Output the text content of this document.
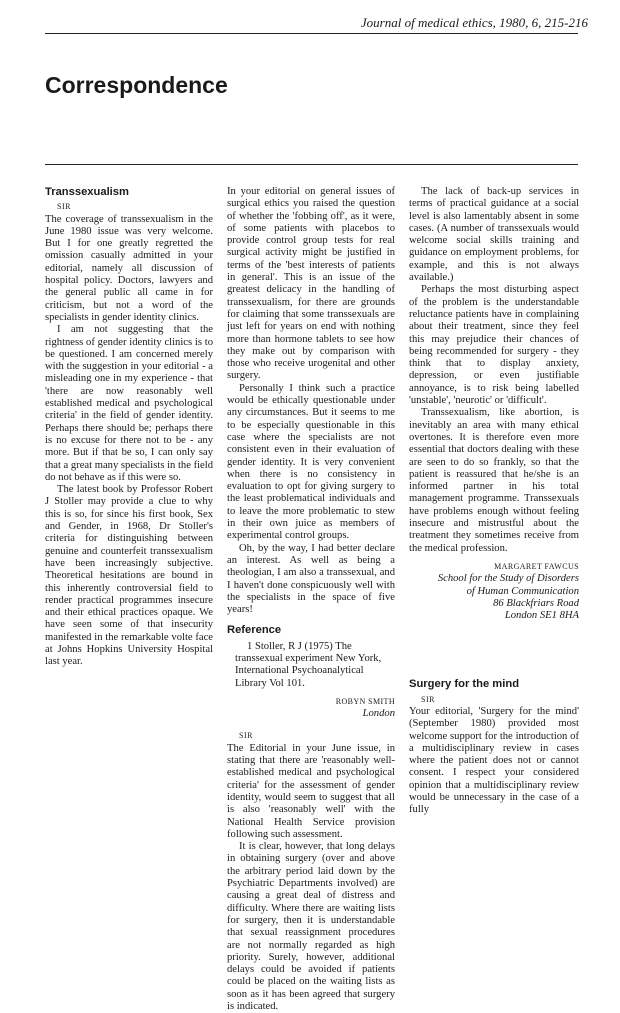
Journal of medical ethics, 1980, 6, 215-216
Correspondence
Transsexualism

SIR

The coverage of transsexualism in the June 1980 issue was very welcome. But I for one greatly regretted the omission casually admitted in your editorial, namely all discussion of hospital policy. Doctors, lawyers and the general public all came in for criticism, but not a word of the specialists in gender identity clinics.

I am not suggesting that the rightness of gender identity clinics is to be questioned. I am concerned merely with the suggestion in your editorial - a misleading one in my experience - that 'there are now reasonably well established medical and psychological criteria' in the field of gender identity. Perhaps there should be; perhaps there is no excuse for there not to be - any more. But if that be so, I can only say that a great many specialists in the field do not behave as if this were so.

The latest book by Professor Robert J Stoller may provide a clue to why this is so, for since his first book, Sex and Gender, in 1968, Dr Stoller's criteria for distinguishing between genuine and counterfeit transsexualism have been increasingly subjective. Theoretical hesitations are bound in this inherently controversial field to render practical programmes insecure and their ethical practices opaque. We have seen some of that insecurity manifested in the remarkable volte face at Johns Hopkins University Hospital last year.

In your editorial on general issues of surgical ethics you raised the question of whether the 'fobbing off', as it were, of some patients with placebos to provide control group tests for real surgical activity might be justified in terms of the 'best interests of patients in general'. This is an issue of the greatest delicacy in the handling of transsexualism, for there are grounds for claiming that some transsexuals are just left for years on end with nothing more than hormone tablets to see how they make out by comparison with those who receive urogenital and other surgery.

Personally I think such a practice would be ethically questionable under any circumstances. But it seems to me to be especially questionable in this case where the specialists are not consistent even in their evaluation of gender identity. It is very convenient when there is no consistency in evaluation to opt for giving surgery to the least problematical individuals and to leave the more problematic to stew in their own juice as members of experimental control groups.

Oh, by the way, I had better declare an interest. As well as being a theologian, I am also a transsexual, and I haven't done conspicuously well with the specialists in the space of five years!

Reference

1 Stoller, R J (1975) The transsexual experiment New York, International Psychoanalytical Library Vol 101.

ROBYN SMITH
London

SIR

The Editorial in your June issue, in stating that there are 'reasonably well-established medical and psychological criteria' for the assessment of gender identity, would seem to suggest that all is also 'reasonably well' with the National Health Service provision following such assessment.

It is clear, however, that long delays in obtaining surgery (over and above the arbitrary period laid down by the Psychiatric Departments involved) are causing a great deal of distress and difficulty. Where there are waiting lists for surgery, then it is understandable that sexual reassignment procedures are not normally regarded as high priority. Surely, however, additional delays could be avoided if patients could be placed on the waiting lists as soon as it has been agreed that surgery is indicated.

The lack of back-up services in terms of practical guidance at a social level is also lamentably absent in some cases. (A number of transsexuals would welcome social skills training and guidance on employment problems, for example, and this is not always available.)

Perhaps the most disturbing aspect of the problem is the understandable reluctance patients have in complaining about their treatment, since they feel this may prejudice their chances of being recommended for surgery - they think that to display anxiety, depression, or even justifiable annoyance, is to risk being labelled 'unstable', 'neurotic' or 'difficult'.

Transsexualism, like abortion, is inevitably an area with many ethical overtones. It is therefore even more essential that doctors dealing with these are seen to do so frankly, so that the patient is reassured that he/she is an informed partner in his total management programme. Transsexuals have problems enough without feeling insecure and mistrustful about the treatment they sometimes receive from the medical profession.

MARGARET FAWCUS
School for the Study of Disorders
of Human Communication
86 Blackfriars Road
London SE1 8HA
Surgery for the mind

SIR

Your editorial, 'Surgery for the mind' (September 1980) provided most welcome support for the introduction of a multidisciplinary review in cases where the patient does not or cannot consent. I respect your considered opinion that a multidisciplinary review would be unnecessary in the case of a fully
